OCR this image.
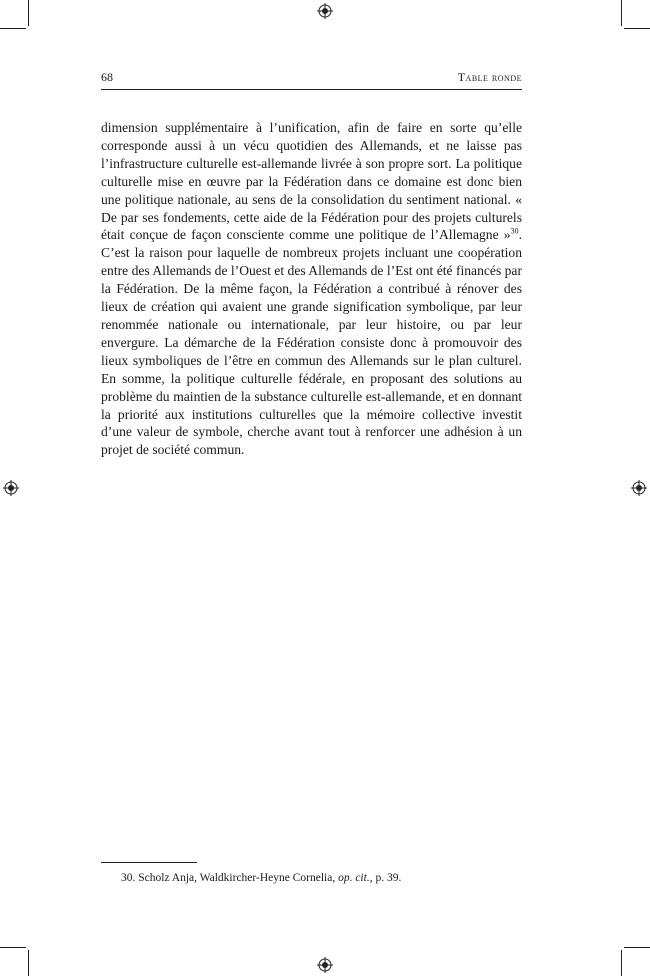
68	Table ronde

dimension supplémentaire à l’unification, afin de faire en sorte qu’elle corresponde aussi à un vécu quotidien des Allemands, et ne laisse pas l’infrastructure culturelle est-allemande livrée à son propre sort. La politique culturelle mise en œuvre par la Fédération dans ce domaine est donc bien une politique nationale, au sens de la consolidation du sentiment national. « De par ses fondements, cette aide de la Fédération pour des projets culturels était conçue de façon consciente comme une politique de l’Allemagne »$^{30}$. C’est la raison pour laquelle de nombreux projets incluant une coopération entre des Allemands de l’Ouest et des Allemands de l’Est ont été financés par la Fédération. De la même façon, la Fédération a contribué à rénover des lieux de création qui avaient une grande signification symbolique, par leur renommée nationale ou internationale, par leur histoire, ou par leur envergure. La démarche de la Fédération consiste donc à promouvoir des lieux symboliques de l’être en commun des Allemands sur le plan culturel. En somme, la politique culturelle fédérale, en proposant des solutions au problème du maintien de la substance culturelle est-allemande, et en donnant la priorité aux institutions culturelles que la mémoire collective investit d’une valeur de symbole, cherche avant tout à renforcer une adhésion à un projet de société commun.

30. Scholz Anja, Waldkircher-Heyne Cornelia, op. cit., p. 39.
